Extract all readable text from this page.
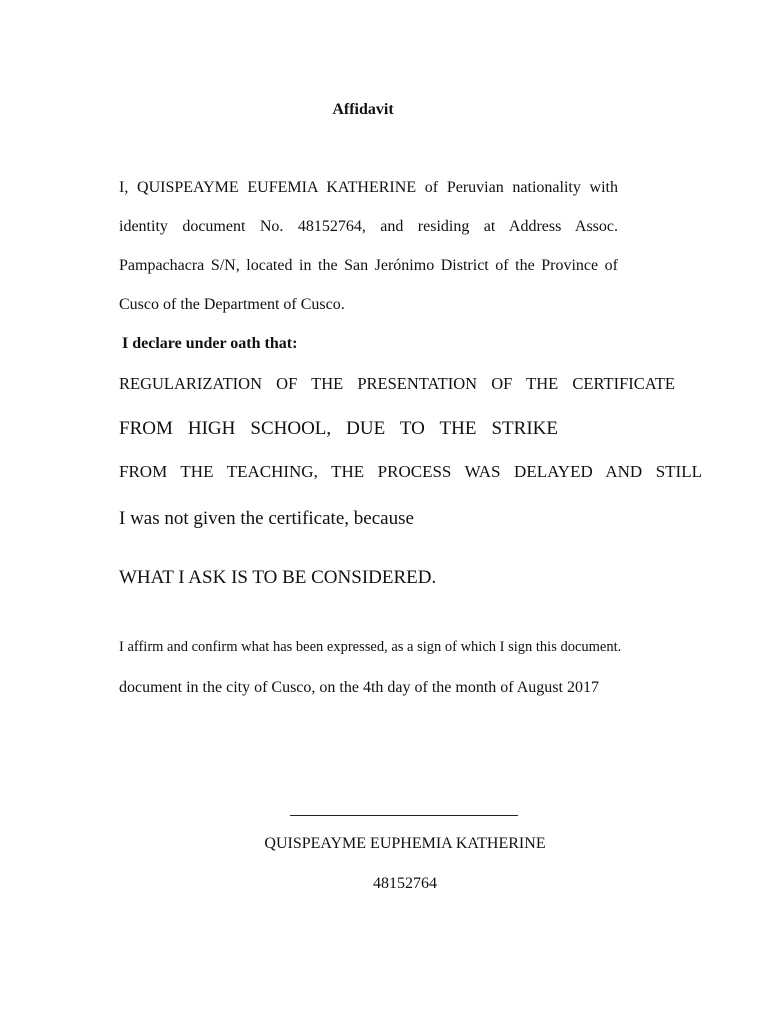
Affidavit

I, QUISPEAYME EUFEMIA KATHERINE of Peruvian nationality with

identity document No. 48152764, and residing at Address Assoc.

Pampachacra S/N, located in the San Jerónimo District of the Province of

Cusco of the Department of Cusco.

I declare under oath that:

REGULARIZATION OF THE PRESENTATION OF THE CERTIFICATE

FROM HIGH SCHOOL, DUE TO THE STRIKE

FROM THE TEACHING, THE PROCESS WAS DELAYED AND STILL

I was not given the certificate, because

WHAT I ASK IS TO BE CONSIDERED.

I affirm and confirm what has been expressed, as a sign of which I sign this document.

document in the city of Cusco, on the 4th day of the month of August 2017

QUISPEAYME EUPHEMIA KATHERINE

48152764
